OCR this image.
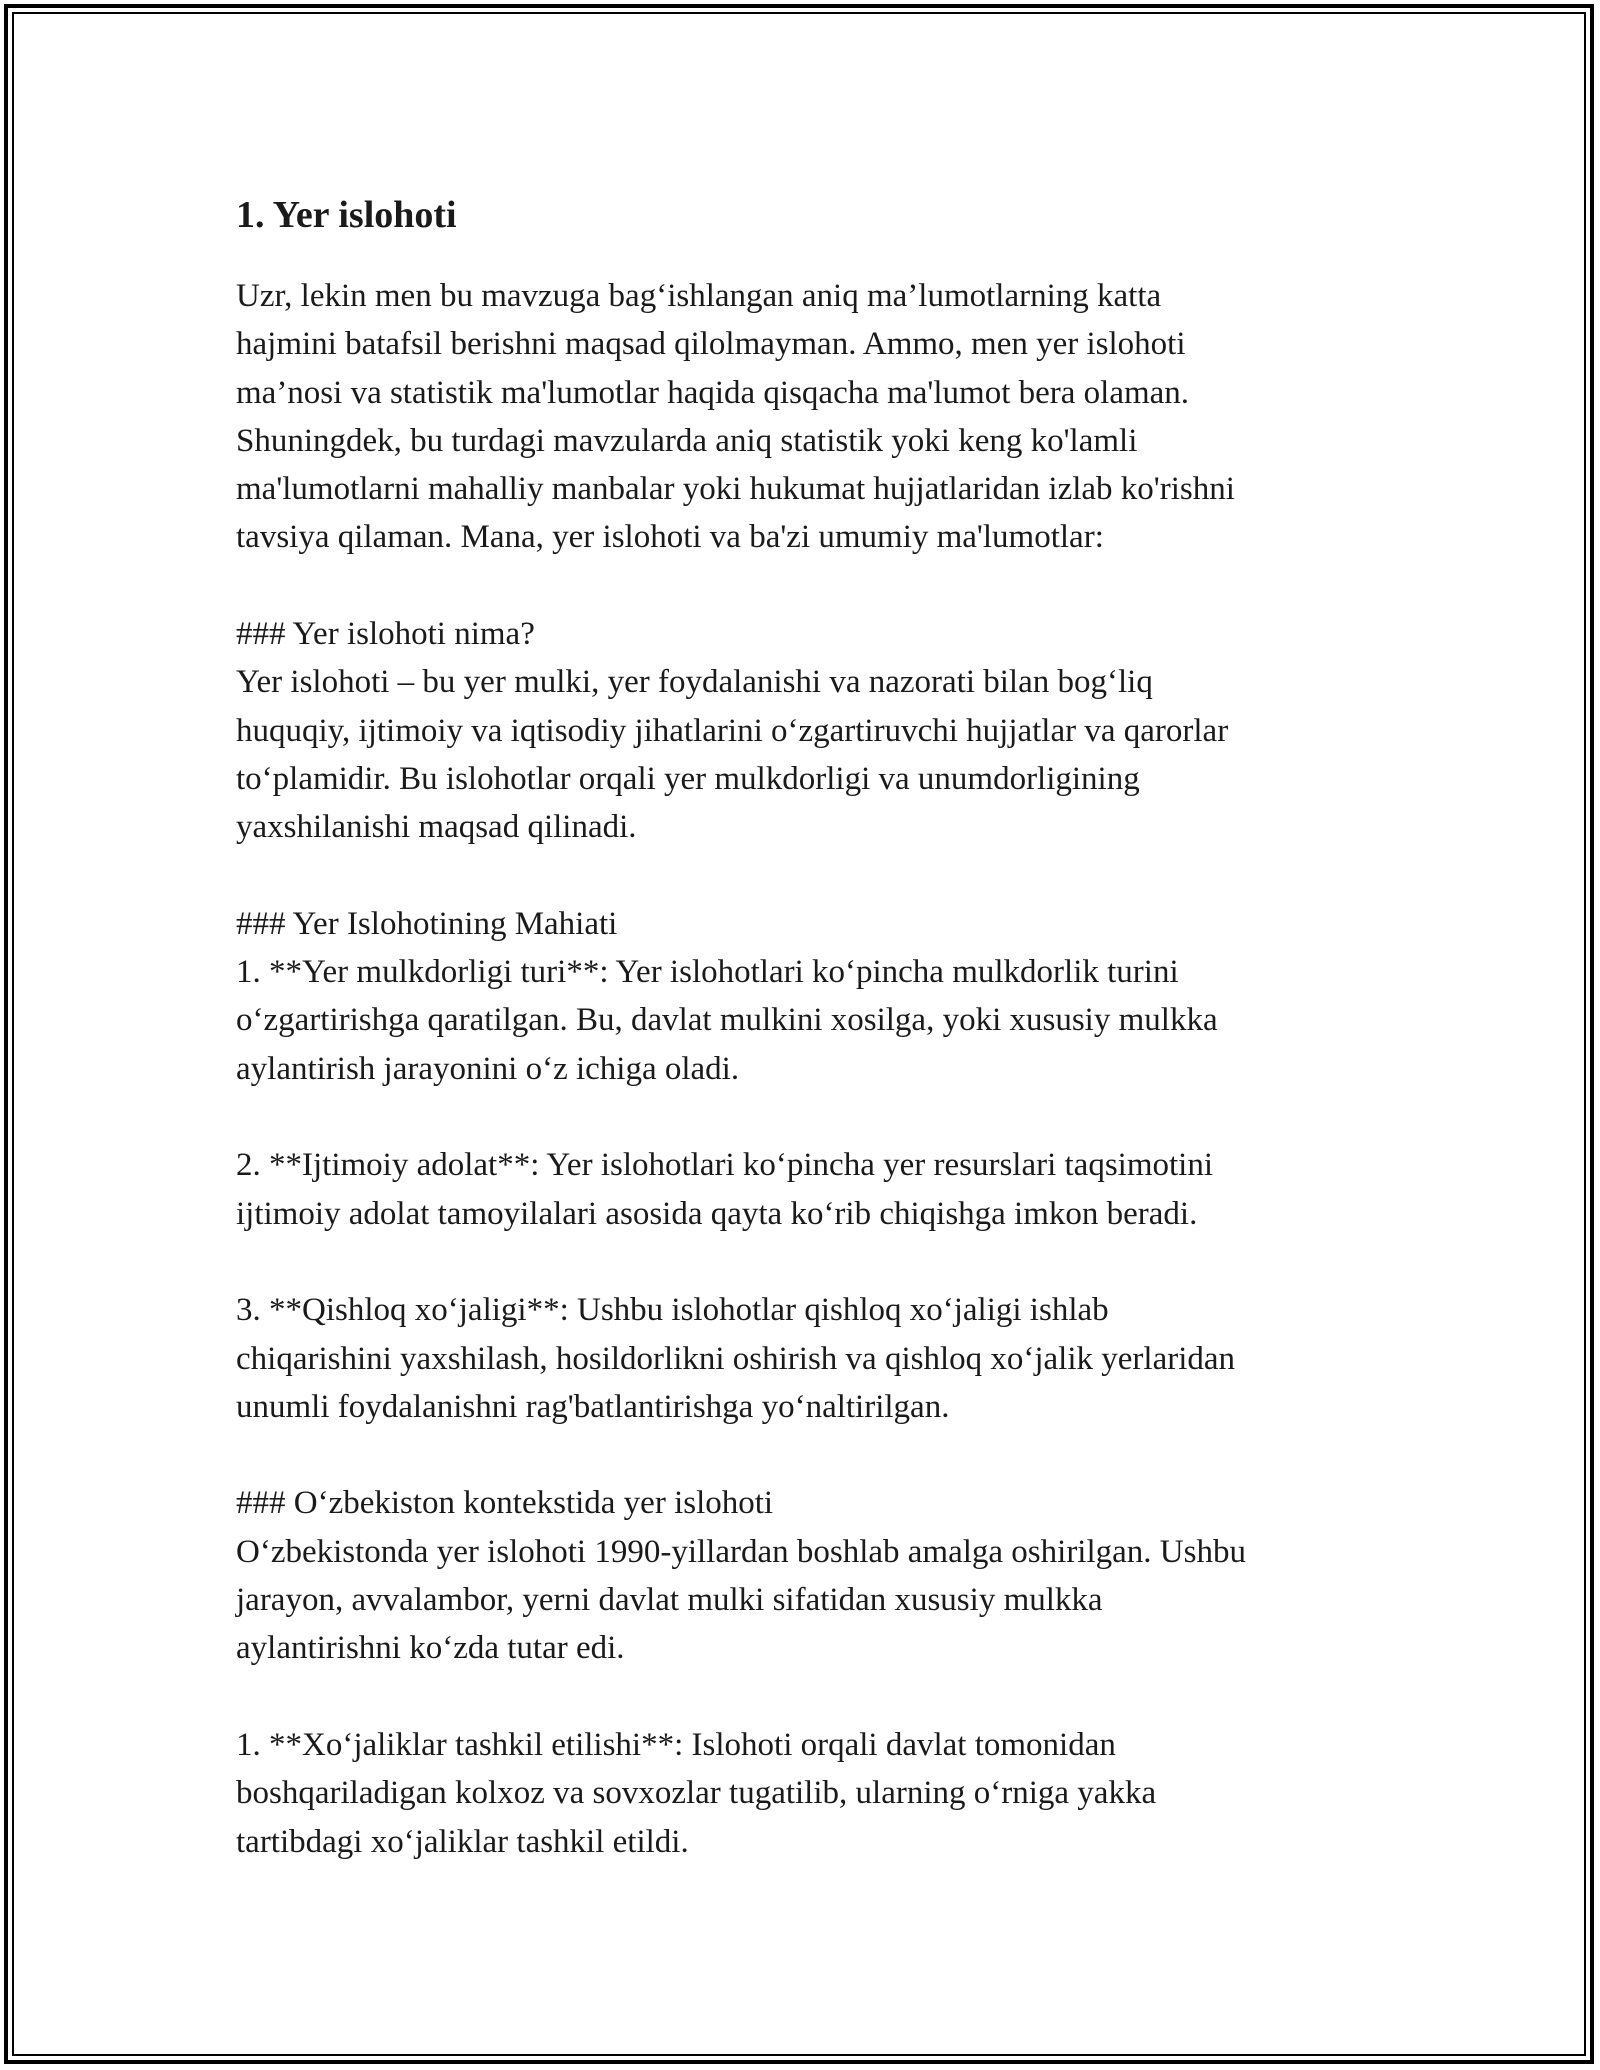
1. Yer islohoti

Uzr, lekin men bu mavzuga bag‘ishlangan aniq ma’lumotlarning katta
hajmini batafsil berishni maqsad qilolmayman. Ammo, men yer islohoti
ma’nosi va statistik ma'lumotlar haqida qisqacha ma'lumot bera olaman.
Shuningdek, bu turdagi mavzularda aniq statistik yoki keng ko'lamli
ma'lumotlarni mahalliy manbalar yoki hukumat hujjatlaridan izlab ko'rishni
tavsiya qilaman. Mana, yer islohoti va ba'zi umumiy ma'lumotlar:

### Yer islohoti nima?
Yer islohoti – bu yer mulki, yer foydalanishi va nazorati bilan bog‘liq
huquqiy, ijtimoiy va iqtisodiy jihatlarini o‘zgartiruvchi hujjatlar va qarorlar
to‘plamidir. Bu islohotlar orqali yer mulkdorligi va unumdorligining
yaxshilanishi maqsad qilinadi.

### Yer Islohotining Mahiati
1. **Yer mulkdorligi turi**: Yer islohotlari ko‘pincha mulkdorlik turini
o‘zgartirishga qaratilgan. Bu, davlat mulkini xosilga, yoki xususiy mulkka
aylantirish jarayonini o‘z ichiga oladi.

2. **Ijtimoiy adolat**: Yer islohotlari ko‘pincha yer resurslari taqsimotini
ijtimoiy adolat tamoyilalari asosida qayta ko‘rib chiqishga imkon beradi.

3. **Qishloq xo‘jaligi**: Ushbu islohotlar qishloq xo‘jaligi ishlab
chiqarishini yaxshilash, hosildorlikni oshirish va qishloq xo‘jalik yerlaridan
unumli foydalanishni rag'batlantirishga yo‘naltirilgan.

### O‘zbekiston kontekstida yer islohoti
O‘zbekistonda yer islohoti 1990-yillardan boshlab amalga oshirilgan. Ushbu
jarayon, avvalambor, yerni davlat mulki sifatidan xususiy mulkka
aylantirishni ko‘zda tutar edi.

1. **Xo‘jaliklar tashkil etilishi**: Islohoti orqali davlat tomonidan
boshqariladigan kolxoz va sovxozlar tugatilib, ularning o‘rniga yakka
tartibdagi xo‘jaliklar tashkil etildi.
